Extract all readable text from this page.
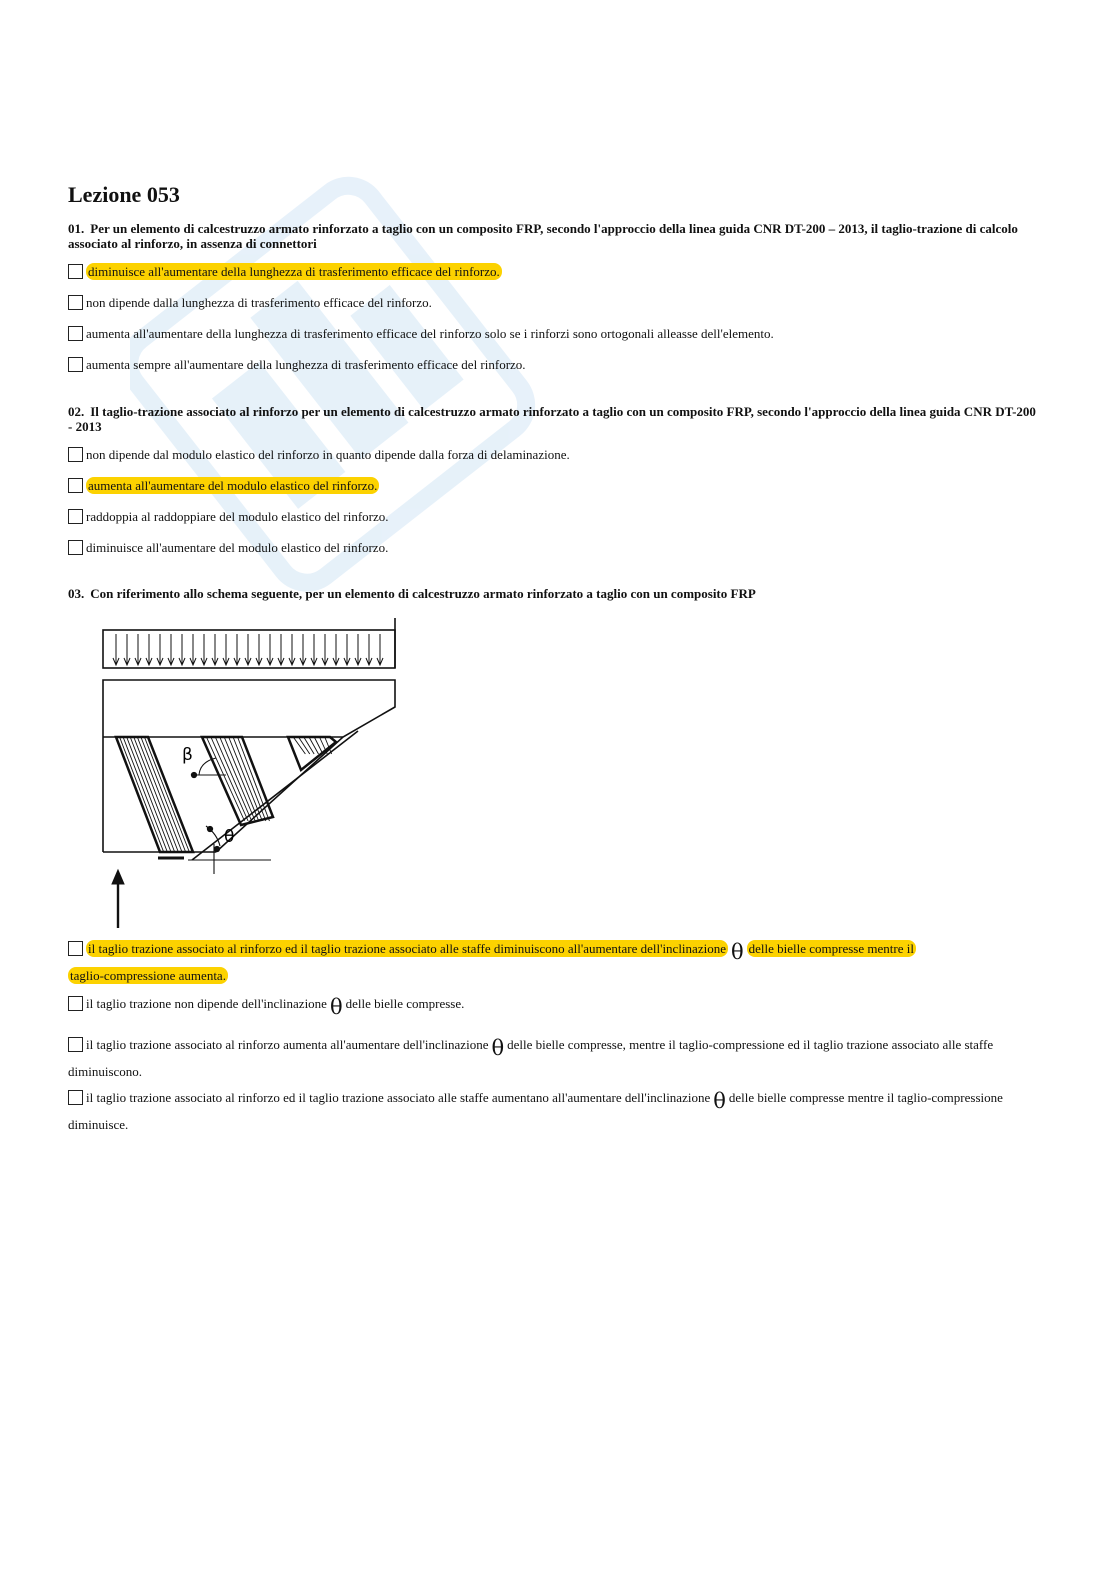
Lezione 053
01. Per un elemento di calcestruzzo armato rinforzato a taglio con un composito FRP, secondo l'approccio della linea guida CNR DT-200 – 2013, il taglio-trazione di calcolo associato al rinforzo, in assenza di connettori
diminuisce all'aumentare della lunghezza di trasferimento efficace del rinforzo.
non dipende dalla lunghezza di trasferimento efficace del rinforzo.
aumenta all'aumentare della lunghezza di trasferimento efficace del rinforzo solo se i rinforzi sono ortogonali alleasse dell'elemento.
aumenta sempre all'aumentare della lunghezza di trasferimento efficace del rinforzo.
02. Il taglio-trazione associato al rinforzo per un elemento di calcestruzzo armato rinforzato a taglio con un composito FRP, secondo l'approccio della linea guida CNR DT-200 - 2013
non dipende dal modulo elastico del rinforzo in quanto dipende dalla forza di delaminazione.
aumenta all'aumentare del modulo elastico del rinforzo.
raddoppia al raddoppiare del modulo elastico del rinforzo.
diminuisce all'aumentare del modulo elastico del rinforzo.
03. Con riferimento allo schema seguente, per un elemento di calcestruzzo armato rinforzato a taglio con un composito FRP
β
θ
il taglio trazione associato al rinforzo ed il taglio trazione associato alle staffe diminuiscono all'aumentare dell'inclinazione θ delle bielle compresse mentre il
taglio-compressione aumenta.
il taglio trazione non dipende dell'inclinazione θ delle bielle compresse.
il taglio trazione associato al rinforzo aumenta all'aumentare dell'inclinazione θ delle bielle compresse, mentre il taglio-compressione ed il taglio trazione associato alle staffe diminuiscono.
il taglio trazione associato al rinforzo ed il taglio trazione associato alle staffe aumentano all'aumentare dell'inclinazione θ delle bielle compresse mentre il taglio-compressione diminuisce.
